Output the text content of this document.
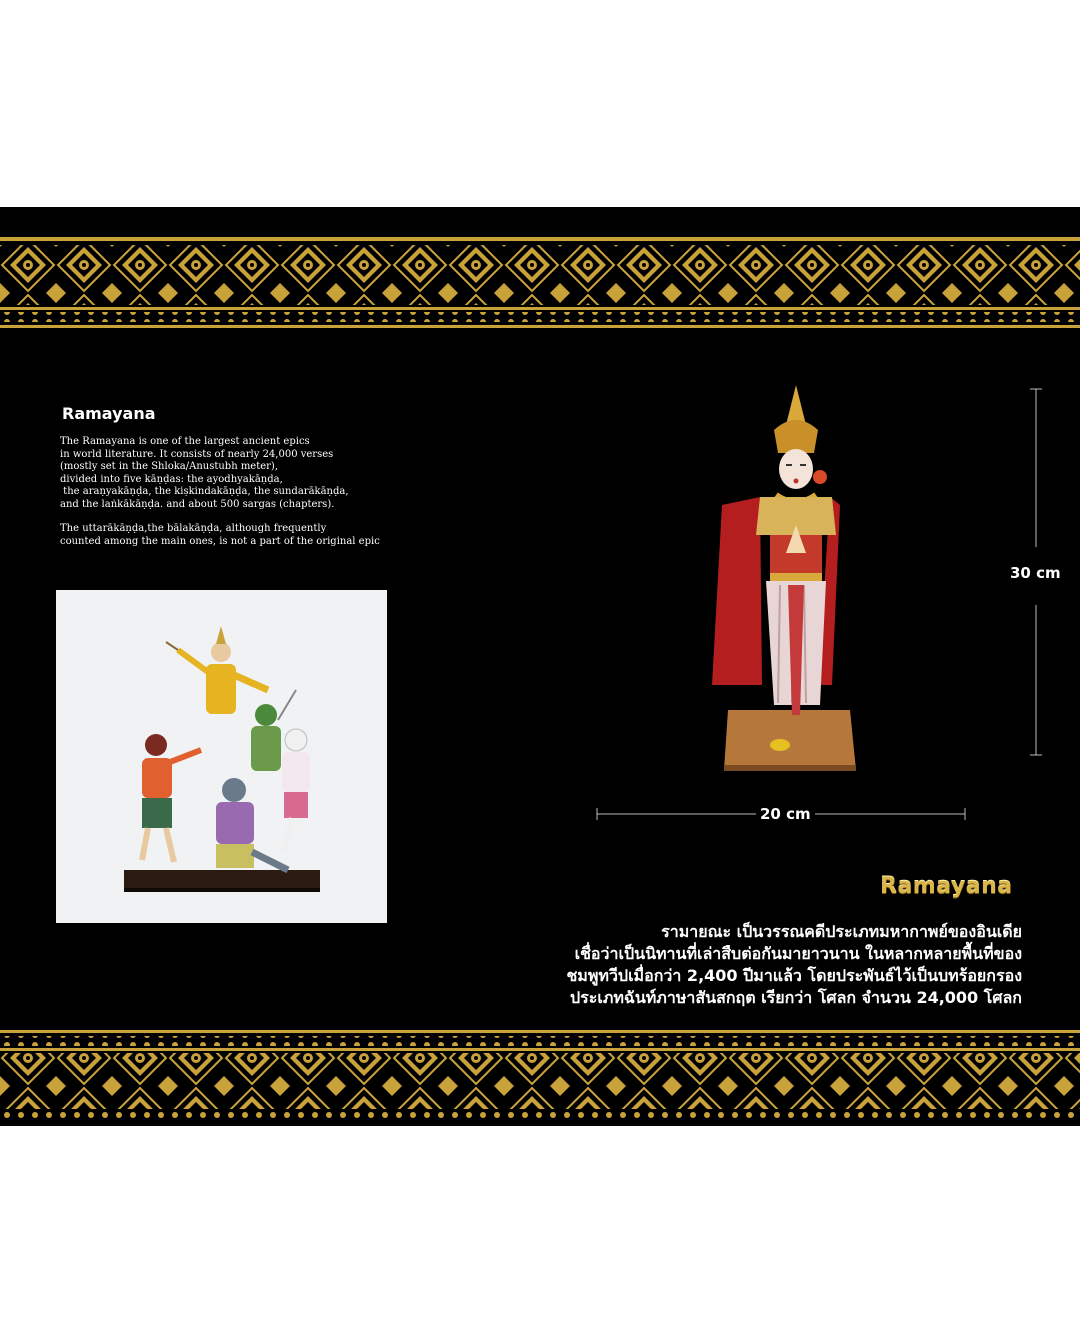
Ramayana

The Ramayana is one of the largest ancient epics
in world literature. It consists of nearly 24,000 verses
(mostly set in the Shloka/Anustubh meter),
divided into five kāṇḍas: the ayodhyakāṇḍa,
the araṇyakāṇḍa, the kiṣkindakāṇḍa, the sundarākāṇḍa,
and the laṅkākāṇḍa. and about 500 sargas (chapters).

The uttarākāṇḍa,the bālakāṇḍa, although frequently
counted among the main ones, is not a part of the original epic

30 cm
20 cm
Ramayana
รามายณะ เป็นวรรณคดีประเภทมหากาพย์ของอินเดีย
เชื่อว่าเป็นนิทานที่เล่าสืบต่อกันมายาวนาน ในหลากหลายพื้นที่ของ
ชมพูทวีปเมื่อกว่า 2,400 ปีมาแล้ว โดยประพันธ์ไว้เป็นบทร้อยกรอง
ประเภทฉันท์ภาษาสันสกฤต เรียกว่า โศลก จำนวน 24,000 โศลก
